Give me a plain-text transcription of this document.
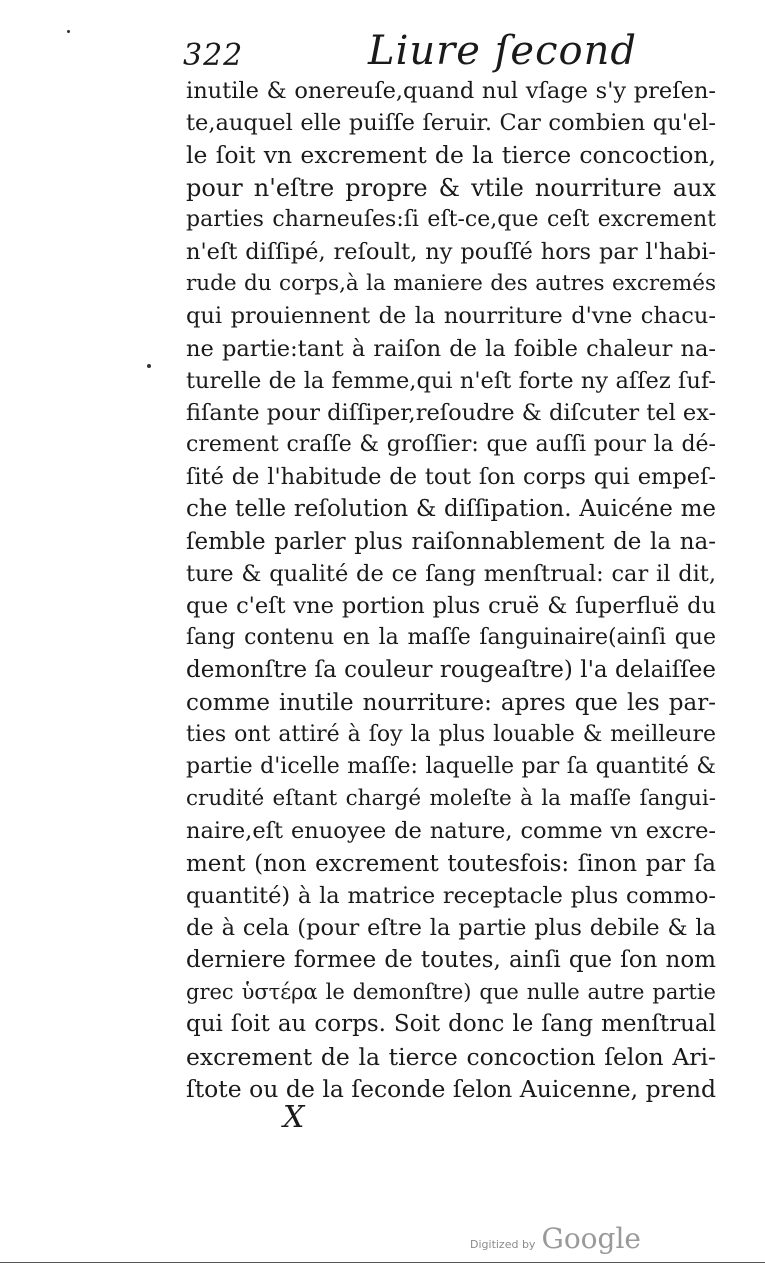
322	Liure ſecond
inutile & onereuſe,quand nul vſage s'y preſen-
te,auquel elle puiſſe ſeruir. Car combien qu'el-
le ſoit vn excrement de la tierce concoction,
pour n'eſtre propre & vtile nourriture aux
parties charneuſes:ſi eſt-ce,que ceſt excrement
n'eſt diſſipé, reſoult, ny pouſſé hors par l'habi-
rude du corps,à la maniere des autres excremés
qui prouiennent de la nourriture d'vne chacu-
ne partie:tant à raiſon de la foible chaleur na-
turelle de la femme,qui n'eſt forte ny aſſez ſuf-
fiſante pour diſſiper,reſoudre & diſcuter tel ex-
crement craſſe & groſſier: que auſſi pour la dé-
ſité de l'habitude de tout ſon corps qui empeſ-
che telle reſolution & diſſipation. Auicéne me
ſemble parler plus raiſonnablement de la na-
ture & qualité de ce ſang menſtrual: car il dit,
que c'eſt vne portion plus cruë & ſuperfluë du
ſang contenu en la maſſe ſanguinaire(ainſi que
demonſtre ſa couleur rougeaſtre) l'a delaiſſee
comme inutile nourriture: apres que les par-
ties ont attiré à ſoy la plus louable & meilleure
partie d'icelle maſſe: laquelle par ſa quantité &
crudité eſtant chargé moleſte à la maſſe ſangui-
naire,eſt enuoyee de nature, comme vn excre-
ment (non excrement toutesfois: ſinon par ſa
quantité) à la matrice receptacle plus commo-
de à cela (pour eſtre la partie plus debile & la
derniere formee de toutes, ainſi que ſon nom
grec ὑστέρα le demonſtre) que nulle autre partie
qui ſoit au corps. Soit donc le ſang menſtrual
excrement de la tierce concoction ſelon Ari-
ſtote ou de la ſeconde ſelon Auicenne, prend
X
Digitized by Google
